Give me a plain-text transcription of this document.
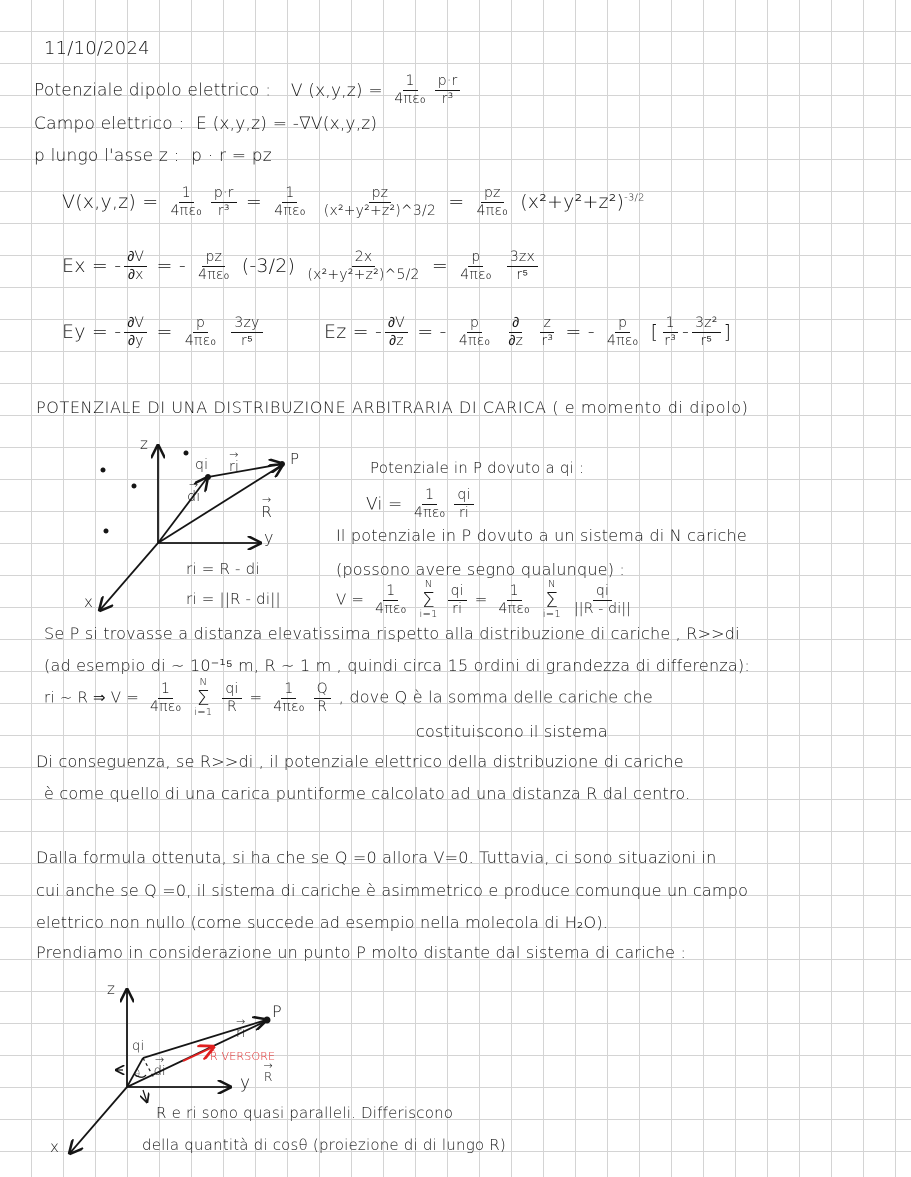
11/10/2024
Potenziale dipolo elettrico : V $(x,y,z) = \frac{1}{\text{4πε₀}} \frac{p\cdot r}{\text{r³}}$
Campo elettrico : E (x,y,z) = -∇V(x,y,z)
p lungo l'asse z : p · r = pz
$V(x,y,z) = \frac{1}{\text{4πε₀}} \frac{p\cdot r}{\text{r³}} = \frac{1}{\text{4πε₀}}$
$\frac{pz}{\text{(x²+y²+z²)\textasciicircum{}3/2}} = \frac{pz}{\text{4πε₀}} (x^2+y^2+z^2)^{-3/2}$
Ex = - $\frac{\partial V}{\partial x}$ = - $\frac{pz}{\text{4πε₀}} (-3/2) \frac{2x}{\text{(x²+y²+z²)\textasciicircum{}5/2}} = \frac{p}{\text{4πε₀}}$
$\frac{3zx}{\text{r⁵}}$
Ey = - $\frac{\partial V}{\partial y} = \frac{p}{\text{4πε₀}}$
$\frac{3zy}{\text{r⁵}}$	Ez = - $\frac{\partial V}{\partial z}$ = - $\frac{p}{\text{4πε₀}}$
$\frac{\partial}{\partial z}$
$\frac{z}{\text{r³}}$ = - $\frac{p}{\text{4πε₀}}$ [ $\frac{1}{\text{r³}} - \frac{\text{3z²}}{\text{r⁵}}$ ]
POTENZIALE DI UNA DISTRIBUZIONE ARBITRARIA DI CARICA ( e momento di dipolo)
z
y
x
qi → ri	P
→ di → R
ri = R - di
ri = ||R - di||
Potenziale in P dovuto a qi :
$Vi = \frac{1}{\text{4πε₀}} \frac{qi}{ri}$
Il potenziale in P dovuto a un sistema di N cariche
(possono avere segno qualunque) :
$V = \frac{1}{\text{4πε₀}}$
N
Σ
i=1
$\frac{qi}{ri} = \frac{1}{\text{4πε₀}}$
N
Σ
i=1
$\frac{qi}{||R - di||}$
Se P si trovasse a distanza elevatissima rispetto alla distribuzione di cariche , R>>di
(ad esempio di ~ 10⁻¹⁵ m, R ~ 1 m , quindi circa 15 ordini di grandezza di differenza):
ri ~ R ⇒ $V = \frac{1}{\text{4πε₀}}$
N
Σ
i=1
$\frac{qi}{R} = \frac{1}{\text{4πε₀}} \frac{Q}{R}$ , dove Q è la somma delle cariche che
costituiscono il sistema
Di conseguenza, se R>>di , il potenziale elettrico della distribuzione di cariche
è come quello di una carica puntiforme calcolato ad una distanza R dal centro.
Dalla formula ottenuta, si ha che se Q =0 allora V=0. Tuttavia, ci sono situazioni in
cui anche se Q =0, il sistema di cariche è asimmetrico e produce comunque un campo
elettrico non nullo (come succede ad esempio nella molecola di H₂O).
Prendiamo in considerazione un punto P molto distante dal sistema di cariche :
z
y
x
P
→ ri
qi
→ di	→ R
θ
R̂ VERSORE
R e ri sono quasi paralleli. Differiscono
della quantità di cosθ (proiezione di di lungo R)
